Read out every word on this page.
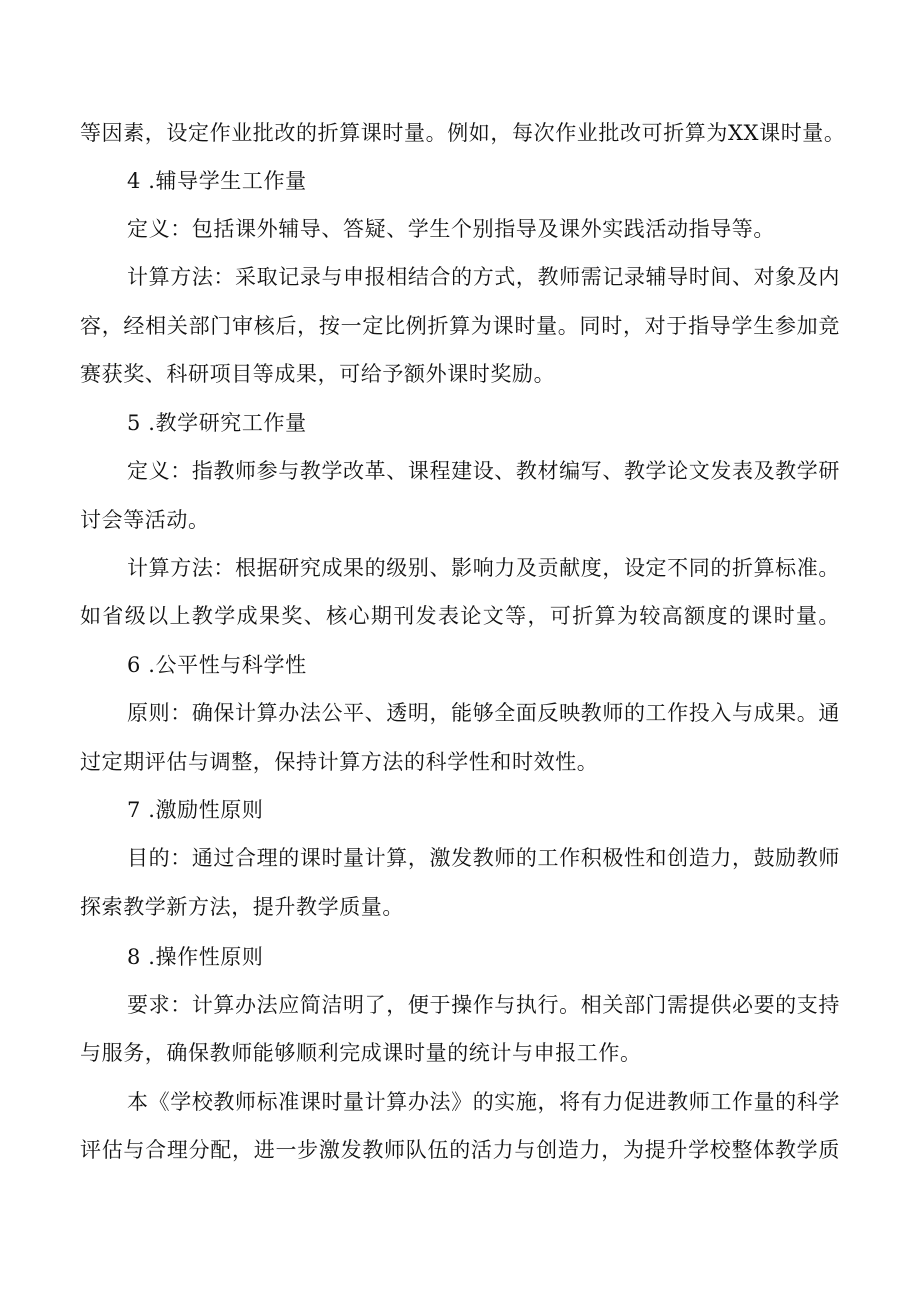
等因素，设定作业批改的折算课时量。例如，每次作业批改可折算为XX课时量。
4 .辅导学生工作量
定义：包括课外辅导、答疑、学生个别指导及课外实践活动指导等。
计算方法：采取记录与申报相结合的方式，教师需记录辅导时间、对象及内
容，经相关部门审核后，按一定比例折算为课时量。同时，对于指导学生参加竞
赛获奖、科研项目等成果，可给予额外课时奖励。
5 .教学研究工作量
定义：指教师参与教学改革、课程建设、教材编写、教学论文发表及教学研
讨会等活动。
计算方法：根据研究成果的级别、影响力及贡献度，设定不同的折算标准。
如省级以上教学成果奖、核心期刊发表论文等，可折算为较高额度的课时量。
6 .公平性与科学性
原则：确保计算办法公平、透明，能够全面反映教师的工作投入与成果。通
过定期评估与调整，保持计算方法的科学性和时效性。
7 .激励性原则
目的：通过合理的课时量计算，激发教师的工作积极性和创造力，鼓励教师
探索教学新方法，提升教学质量。
8 .操作性原则
要求：计算办法应简洁明了，便于操作与执行。相关部门需提供必要的支持
与服务，确保教师能够顺利完成课时量的统计与申报工作。
本《学校教师标准课时量计算办法》的实施，将有力促进教师工作量的科学
评估与合理分配，进一步激发教师队伍的活力与创造力，为提升学校整体教学质
